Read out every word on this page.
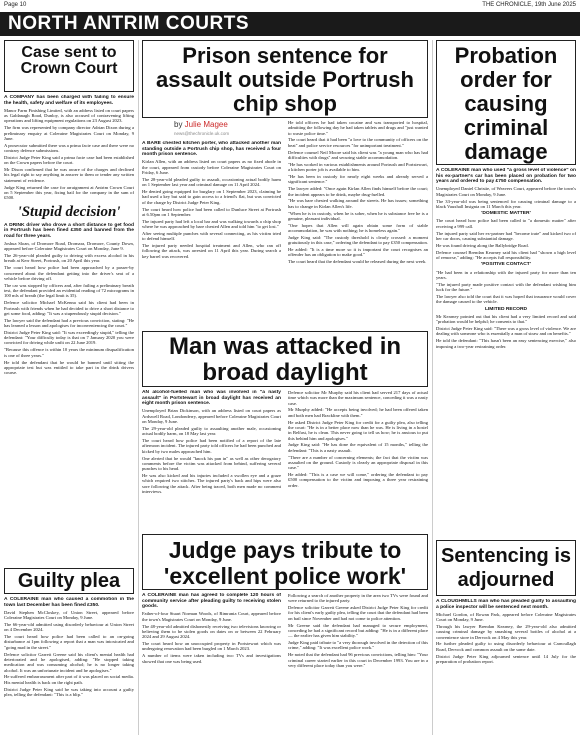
Page 10	THE CHRONICLE, 19th June 2025
NORTH ANTRIM COURTS
Case sent to Crown Court

A COMPANY has been charged with failing to ensure the health, safety and welfare of its employees.

Manor Farm Finishing Limited, with an address listed on court papers as Galdanagh Road, Dunloy, is also accused of contravening lifting operations and lifting equipment regulations on 23 August 2023.

The firm was represented by company director Adrian Dixon during a preliminary enquiry at Coleraine Magistrates Court on Monday, 9 June.

A prosecutor submitted there was a prima facie case and there were no contrary defence submissions.

District Judge Peter King said a prima facie case had been established on the Crown papers before the court.

Mr Dixon confirmed that he was aware of the charges and declined his legal right to say anything in answer to them or tender any written statement of evidence.

Judge King returned the case for arraignment at Antrim Crown Court on 5 September this year, fixing bail for the company in the sum of £500.

'Stupid decision'

A DRINK driver who drove a short distance to get food in Portrush has been fined £350 and banned from the road for three years.

Joshua Sloan, of Dromore Road, Dromara, Dromore, County Down, appeared before Coleraine Magistrates Court on Monday, June 9.

The 26-year-old pleaded guilty to driving with excess alcohol in his breath at Kerr Street, Portrush, on 20 April this year.

The court heard how police had been approached by a passer-by concerned about the defendant getting into the driver's seat of a vehicle before driving off.

The car was stopped by officers and, after failing a preliminary breath test, the defendant provided an evidential reading of 72 micrograms in 100 mls of breath (the legal limit is 35).

Defence solicitor Michael McKenna said his client had been in Portrush with friends when he had decided to drive a short distance to get some food, adding: "It was a stupendously stupid decision."

The lawyer said the defendant had a previous conviction, stating: "He has learned a lesson and apologises for inconveniencing the court."

District Judge Peter King said: "It was exceedingly stupid," telling the defendant: "Your difficulty today is that on 7 January 2020 you were convicted for driving while unfit on 22 June 2019.

"Because this offence is within 10 years the minimum disqualification is one of three years."

He told the defendant that he would be banned until sitting the appropriate test but was entitled to take part in the drink drivers course.

Guilty plea

A COLERAINE man who caused a commotion in the town last December has been fined £350.

David Stephen McCloskey, of Union Street, appeared before Coleraine Magistrates Court on Monday, 9 June.

The 66-year-old admitted using disorderly behaviour at Union Street on 4 December 2024.

The court heard how police had been called to an on-going disturbance at 1pm following a report that a man was intoxicated and "going mad in the street."

Defence solicitor Garrett Greene said his client's mental health had deteriorated and he apologised, adding: "He stopped taking medication and was consuming alcohol; he is no longer taking alcohol. It was an unfortunate incident and he apologises."

He suffered embarrassment after part of it was placed on social media. His mental health is back on the right path.

District Judge Peter King said he was taking into account a guilty plea, telling the defendant: "This is a blip."

Prison sentence for assault outside Portrush chip shop
by Julie Magee
news@thechronicle.uk.com

A BARE chested kitchen porter, who attacked another man standing outside a Portrush chip shop, has received a four month prison sentence.

Kirlan Allen, with an address listed on court papers as no fixed abode in the court, appeared from custody before Coleraine Magistrates Court on Friday, 6 June.

The 28-year-old pleaded guilty to assault, occasioning actual bodily harm on 1 September last year and criminal damage on 11 April 2024.

He denied going equipped for burglary on 1 September 2023, claiming he had used a key but said to gain access to a friend's flat, but was convicted of the charge by District Judge Peter King.

The court heard how police had been called to Dunluce Street at Portrush at 6.50pm on 1 September.

The injured party had left a local bar and was walking towards a chip shop where he was approached by bare chested Allen and told him "to get lost."

After seeing multiple punches with several connecting, as his victim tried to defend himself.

The injured party needed hospital treatment and Allen, who ran off following the attack, was arrested on 11 April this year. During search a key barrel was recovered.

He told officers he had taken cocaine and was transported to hospital, admitting the following day he had taken tablets and drugs and "just wanted to waste police time."

The court heard that it had been "a love to the community of officers on the beat" and police service resources "for unimportant treatment."

Defence counsel Neil Moore said his client was "a young man who has had difficulties with drugs" and securing stable accommodation.

"He has worked in various establishments around Portrush and Portstewart, a kitchen porter job is available to him.

"He has been in custody for nearly eight weeks and already served a significant sentence."

The lawyer added: "Once again Kirlan Allen finds himself before the court; the incident appears to be drink, maybe drug-fuelled.

"He was bare chested walking around the streets. He has issues; something has to change in Kirlan Allen's life.

"When he is in custody, when he is sober, when he is substance free he is a genuine, pleasant individual.

"One hopes that Allen will again obtain some form of stable accommodation, he was with nothing; he is homeless again."

Judge King said: "The custody threshold is clearly crossed: a moment gratuitously in this case," ordering the defendant to pay £350 compensation.

He added: "It is a time more so it is important the court recognises an offender has an obligation to make good."

The court heard that the defendant would be released during the next week.

Man was attacked in broad daylight

AN alcohol-fuelled man who was involved in "a nasty assault" in Portstewart in broad daylight has received an eight month prison sentence.

Unemployed Brian Dickinson, with an address listed on court papers as Ardswell Road, Londonderry, appeared before Coleraine Magistrates Court on Monday, 9 June.

The 29-year-old pleaded guilty to assaulting another male, occasioning actual bodily harm, on 18 May last year.

The court heard how police had been notified of a report of the late afternoon incident. The injured party told officers he had been punched and kicked by two males approached him.

One alerted that he would "knock his pan in" as well as other derogatory comments before the victim was attacked from behind, suffering several punches to his head.

He was also kicked and his injuries included a swollen eye and a graze which required two stitches. The injured party's back and hips were also sore following the attack. After being traced, both men made no comment interviews.

Defence solicitor Mr Murphy said his client had served 217 days of actual time which was more than the maximum sentence, conceding it was a nasty case.

Mr Murphy added: "He accepts being involved; he had been offered taken and both men had Brackline with them."

He asked District Judge Peter King for credit for a guilty plea, also telling the court: "He is in a better place now than he was. He is living in a hostel in Belfast, he is clean. This never going to tell us how; he is anxious to put this behind him and apologises."

Judge King said: "He has done the equivalent of 15 months," telling the defendant: "This is a nasty assault.

"There are a number of concerning elements; the fact that the victim was assaulted on the ground. Custody is clearly an appropriate disposal in this case."

He added: "This is a case we will come," ordering the defendant to pay £500 compensation to the victim and imposing a three year restraining order.

Judge pays tribute to 'excellent police work'

A COLERAINE man has agreed to complete 120 hours of community service after pleading guilty to receiving stolen goods.

Father-of-four Stuart Norman Woods, of Rimrania Court, appeared before the town's Magistrates Court on Monday, 9 June.

The 48-year-old admitted dishonestly receiving two televisions knowing or believing them to be stolen goods on dates on or between 22 February 2024 and 29 August 2024.

The court heard how an unoccupied property in Portstewart which was undergoing renovation had been burgled on 1 March 2023.

A number of items were taken including two TVs and investigations showed that one was being used.

Following a search of another property in the area two TVs were found and were returned to the injured party.

Defence solicitor Garrett Greene asked District Judge Peter King for credit for his client's early guilty plea, telling the court that the defendant had been on bail since November and had not come to police attention.

Mr Greene said the defendant had managed to secure employment, conceding he had a significant record but adding: "He is in a different place — the earlier has given him stability."

Judge King paid tribute to "a very thorough involved in the detection of this crime," adding: "It was excellent police work."

He noted that the defendant had 96 previous convictions, telling him: "Your criminal career started earlier in this court in December 1993. You are in a very different place today than you were."

Probation order for causing criminal damage

A COLERAINE man who used "a gross level of violence" on his ex-partner's car has been placed on probation for two years and ordered to pay £750 compensation.

Unemployed Daniel Christie, of Weavers Court, appeared before the town's Magistrates Court on Monday, 9 June.

The 33-year-old was being sentenced for causing criminal damage to a black Vauxhall Insignia on 11 March this year.

'DOMESTIC MATTER'

The court heard how police had been called to "a domestic matter" after receiving a 999 call.

The injured party said her ex-partner had "become irate" and kicked two of her car doors, causing substantial damage.

He was found driving along the Ballybridge Road.

Defence counsel Brendan Kearney said his client had "shown a high level of remorse," adding: "He accepts full responsibility.

'POSITIVE CONTACT'

"He had been in a relationship with the injured party for more than ten years.

"The injured party made positive contact with the defendant wishing him luck for the future."

The lawyer also told the court that it was hoped that insurance would cover the damage caused to the vehicle.

LIMITED RECORD

Mr Kearney pointed out that his client had a very limited record and said "probation would be helpful; he consents to that."

District Judge Peter King said: "There was a gross level of violence. We are dealing with someone who is essentially a man of straw and on benefits."

He told the defendant: "This hasn't been an easy sentencing exercise," also imposing a two-year restraining order.

Sentencing is adjourned

A CLOUGHMILLS man who has pleaded guilty to assaulting a police inspector will be sentenced next month.

Michael Gordon, of Rowan Park, appeared before Coleraine Magistrates Court on Monday, 9 June.

Through his lawyer Brendan Kearney, the 29-year-old also admitted causing criminal damage by smashing several bottles of alcohol at a convenience store in Dervock on 4 May this year.

He further pleaded guilty to using disorderly behaviour at Carncullagh Road, Dervock and common assault on the same date.

District Judge Peter King adjourned sentence until 14 July for the preparation of probation report.
